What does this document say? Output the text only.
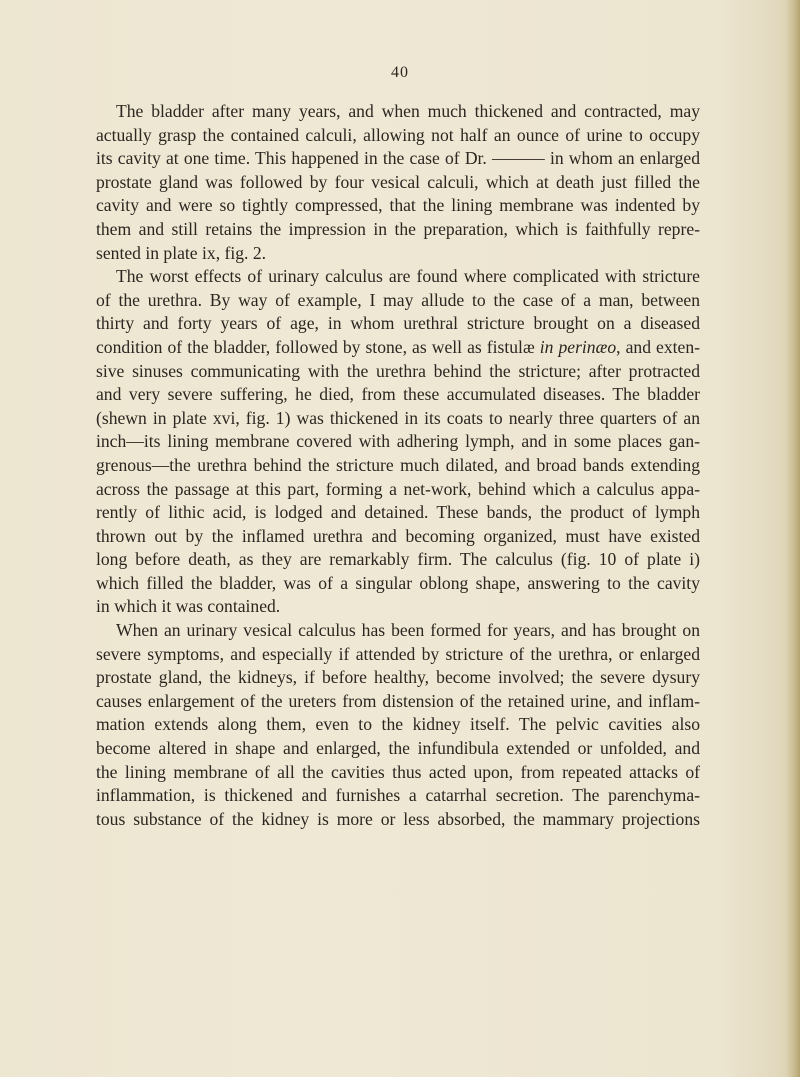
40
The bladder after many years, and when much thickened and contracted, may
actually grasp the contained calculi, allowing not half an ounce of urine to occupy
its cavity at one time. This happened in the case of Dr. ——— in whom an enlarged
prostate gland was followed by four vesical calculi, which at death just filled the
cavity and were so tightly compressed, that the lining membrane was indented by
them and still retains the impression in the preparation, which is faithfully repre-
sented in plate ix, fig. 2.
The worst effects of urinary calculus are found where complicated with stricture
of the urethra. By way of example, I may allude to the case of a man, between
thirty and forty years of age, in whom urethral stricture brought on a diseased
condition of the bladder, followed by stone, as well as fistulæ in perinæo, and exten-
sive sinuses communicating with the urethra behind the stricture; after protracted
and very severe suffering, he died, from these accumulated diseases. The bladder
(shewn in plate xvi, fig. 1) was thickened in its coats to nearly three quarters of an
inch—its lining membrane covered with adhering lymph, and in some places gan-
grenous—the urethra behind the stricture much dilated, and broad bands extending
across the passage at this part, forming a net-work, behind which a calculus appa-
rently of lithic acid, is lodged and detained. These bands, the product of lymph
thrown out by the inflamed urethra and becoming organized, must have existed
long before death, as they are remarkably firm. The calculus (fig. 10 of plate i)
which filled the bladder, was of a singular oblong shape, answering to the cavity
in which it was contained.
When an urinary vesical calculus has been formed for years, and has brought on
severe symptoms, and especially if attended by stricture of the urethra, or enlarged
prostate gland, the kidneys, if before healthy, become involved; the severe dysury
causes enlargement of the ureters from distension of the retained urine, and inflam-
mation extends along them, even to the kidney itself. The pelvic cavities also
become altered in shape and enlarged, the infundibula extended or unfolded, and
the lining membrane of all the cavities thus acted upon, from repeated attacks of
inflammation, is thickened and furnishes a catarrhal secretion. The parenchyma-
tous substance of the kidney is more or less absorbed, the mammary projections
